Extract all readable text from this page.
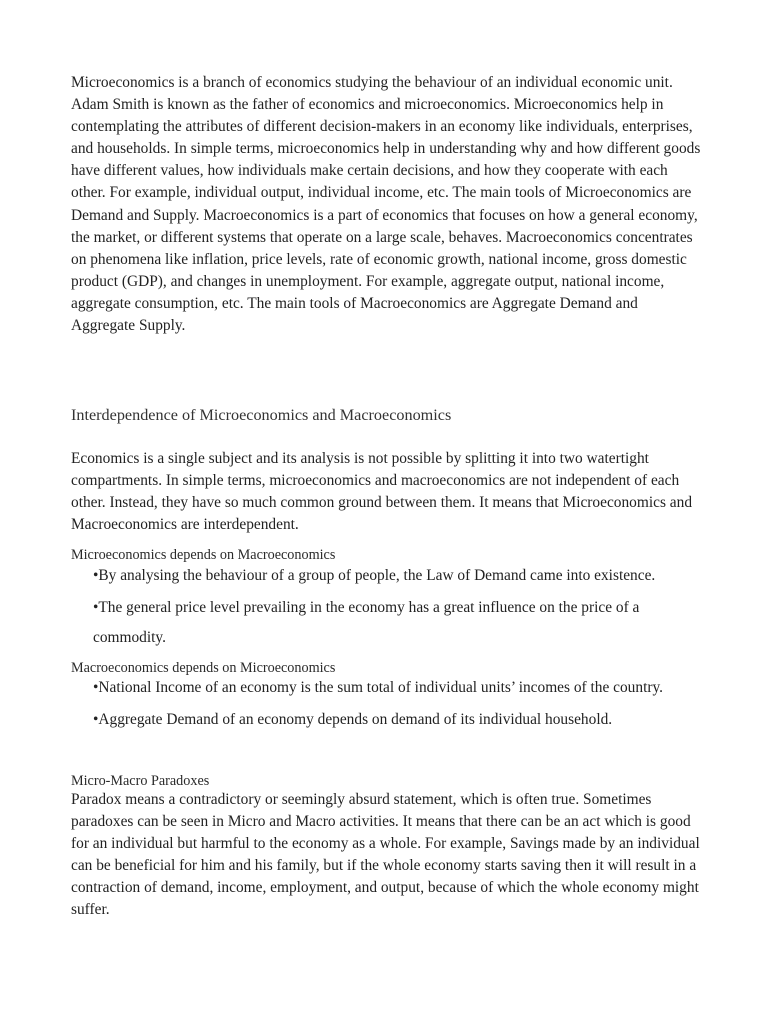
Microeconomics is a branch of economics studying the behaviour of an individual economic unit. Adam Smith is known as the father of economics and microeconomics. Microeconomics help in contemplating the attributes of different decision-makers in an economy like individuals, enterprises, and households. In simple terms, microeconomics help in understanding why and how different goods have different values, how individuals make certain decisions, and how they cooperate with each other. For example, individual output, individual income, etc. The main tools of Microeconomics are Demand and Supply. Macroeconomics is a part of economics that focuses on how a general economy, the market, or different systems that operate on a large scale, behaves. Macroeconomics concentrates on phenomena like inflation, price levels, rate of economic growth, national income, gross domestic product (GDP), and changes in unemployment. For example, aggregate output, national income, aggregate consumption, etc. The main tools of Macroeconomics are Aggregate Demand and Aggregate Supply.

Interdependence of Microeconomics and Macroeconomics

Economics is a single subject and its analysis is not possible by splitting it into two watertight compartments. In simple terms, microeconomics and macroeconomics are not independent of each other. Instead, they have so much common ground between them. It means that Microeconomics and Macroeconomics are interdependent.

Microeconomics depends on Macroeconomics
•By analysing the behaviour of a group of people, the Law of Demand came into existence.
•The general price level prevailing in the economy has a great influence on the price of a commodity.
Macroeconomics depends on Microeconomics
•National Income of an economy is the sum total of individual units’ incomes of the country.
•Aggregate Demand of an economy depends on demand of its individual household.
Micro-Macro Paradoxes

Paradox means a contradictory or seemingly absurd statement, which is often true. Sometimes paradoxes can be seen in Micro and Macro activities. It means that there can be an act which is good for an individual but harmful to the economy as a whole. For example, Savings made by an individual can be beneficial for him and his family, but if the whole economy starts saving then it will result in a contraction of demand, income, employment, and output, because of which the whole economy might suffer.
